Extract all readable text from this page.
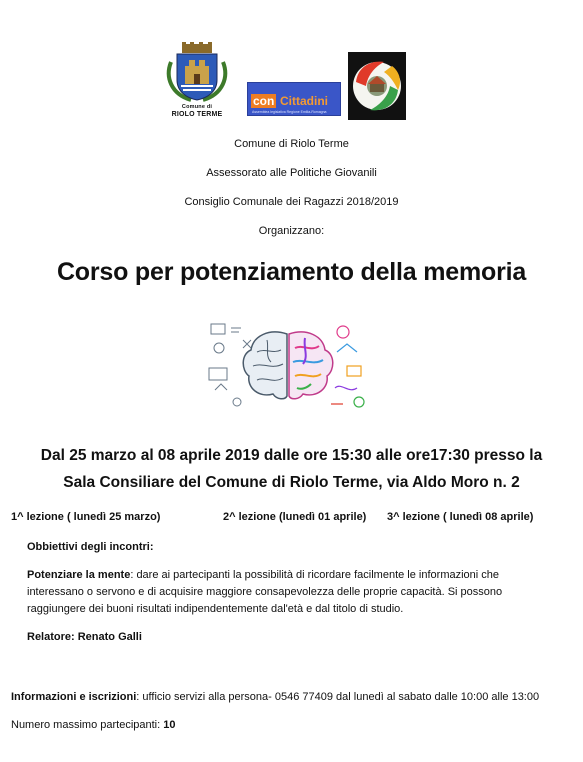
Comune di
RIOLO TERME
con Cittadini
Assemblea legislativa Regione Emilia-Romagna
Comune di Riolo Terme
Assessorato alle Politiche Giovanili
Consiglio Comunale dei Ragazzi 2018/2019
Organizzano:
Corso per potenziamento della memoria
Dal 25 marzo al 08 aprile 2019 dalle ore 15:30 alle ore17:30 presso la
Sala Consiliare del Comune di Riolo Terme, via Aldo Moro n. 2
1^ lezione ( lunedì 25 marzo)	2^ lezione (lunedì 01 aprile) 3^ lezione ( lunedì 08 aprile)
Obbiettivi degli incontri:
Potenziare la mente: dare ai partecipanti la possibilità di ricordare facilmente le informazioni che
interessano o servono e di acquisire maggiore consapevolezza delle proprie capacità. Si possono
raggiungere dei buoni risultati indipendentemente dal'età e dal titolo di studio.
Relatore: Renato Galli
Informazioni e iscrizioni: ufficio servizi alla persona- 0546 77409 dal lunedì al sabato dalle 10:00 alle 13:00
Numero massimo partecipanti: 10
